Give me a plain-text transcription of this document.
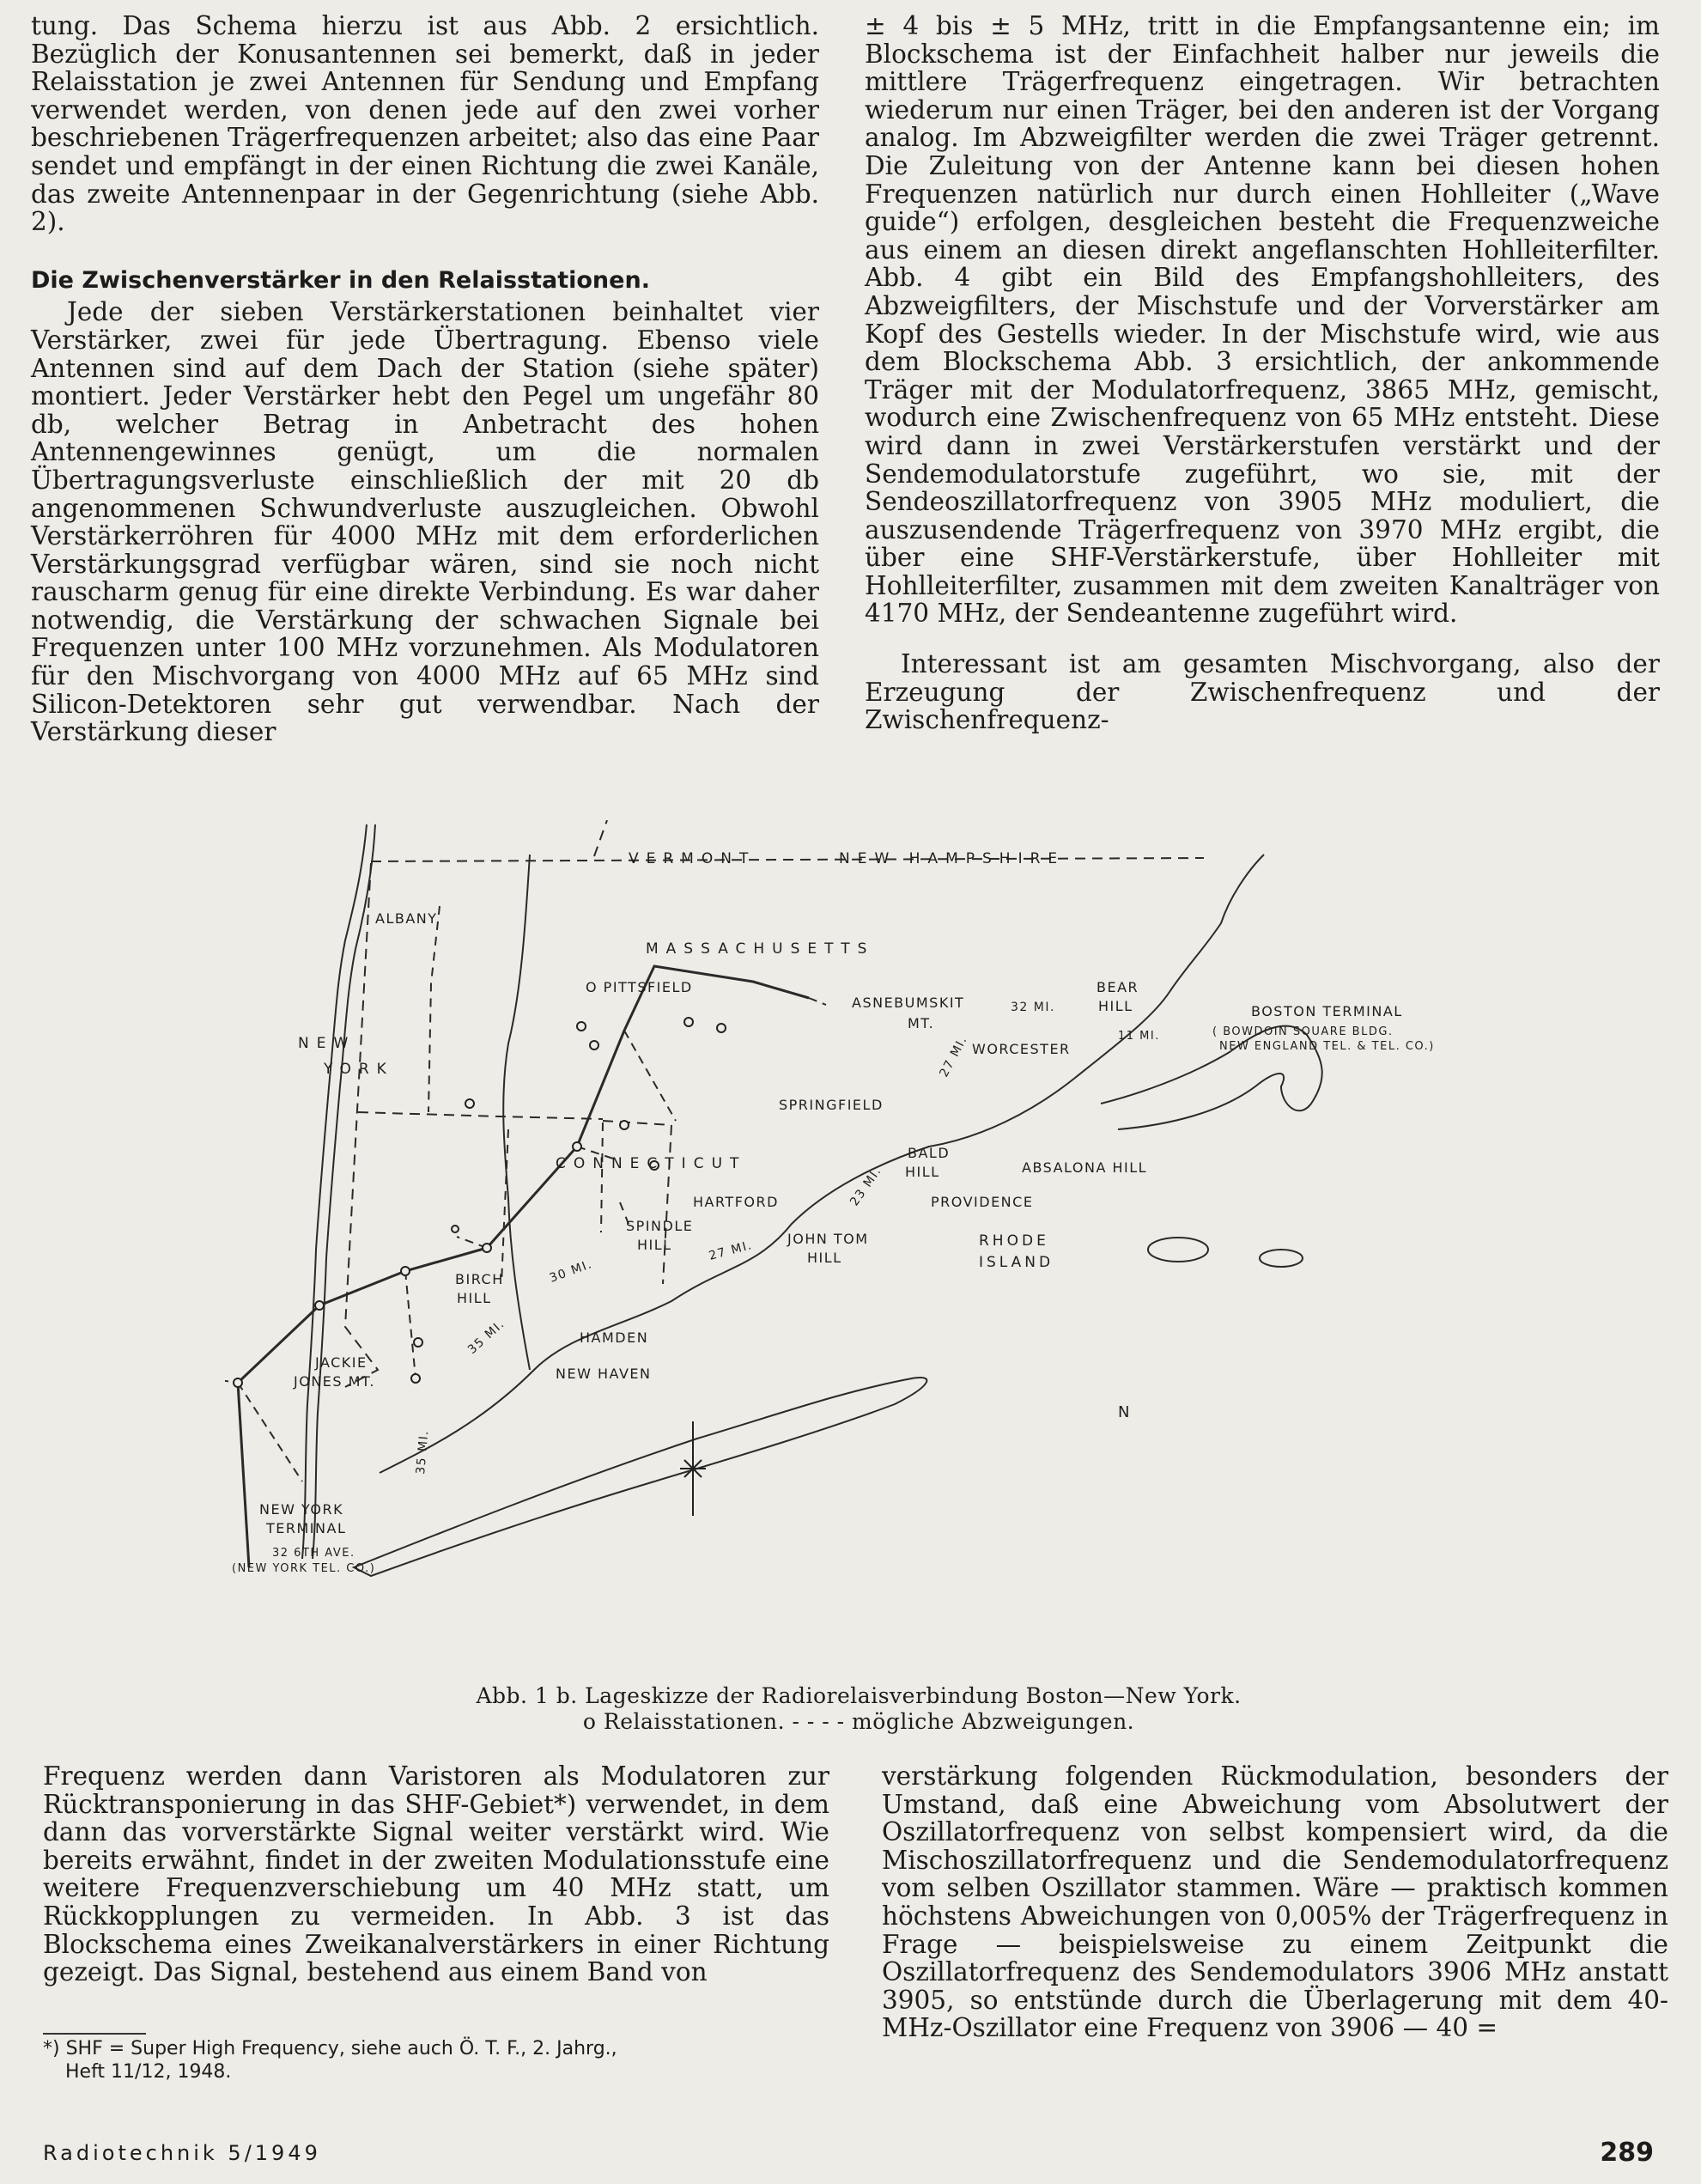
tung. Das Schema hierzu ist aus Abb. 2 ersichtlich. Bezüglich der Konusantennen sei bemerkt, daß in jeder Relaisstation je zwei Antennen für Sendung und Empfang verwendet werden, von denen jede auf den zwei vorher beschriebenen Trägerfrequenzen arbeitet; also das eine Paar sendet und empfängt in der einen Richtung die zwei Kanäle, das zweite Antennenpaar in der Gegenrichtung (siehe Abb. 2).

Die Zwischenverstärker in den Relaisstationen.

Jede der sieben Verstärkerstationen beinhaltet vier Verstärker, zwei für jede Übertragung. Ebenso viele Antennen sind auf dem Dach der Station (siehe später) montiert. Jeder Verstärker hebt den Pegel um ungefähr 80 db, welcher Betrag in Anbetracht des hohen Antennengewinnes genügt, um die normalen Übertragungsverluste einschließlich der mit 20 db angenommenen Schwundverluste auszugleichen. Obwohl Verstärkerröhren für 4000 MHz mit dem erforderlichen Verstärkungsgrad verfügbar wären, sind sie noch nicht rauscharm genug für eine direkte Verbindung. Es war daher notwendig, die Verstärkung der schwachen Signale bei Frequenzen unter 100 MHz vorzunehmen. Als Modulatoren für den Mischvorgang von 4000 MHz auf 65 MHz sind Silicon-Detektoren sehr gut verwendbar. Nach der Verstärkung dieser

± 4 bis ± 5 MHz, tritt in die Empfangsantenne ein; im Blockschema ist der Einfachheit halber nur jeweils die mittlere Trägerfrequenz eingetragen. Wir betrachten wiederum nur einen Träger, bei den anderen ist der Vorgang analog. Im Abzweigfilter werden die zwei Träger getrennt. Die Zuleitung von der Antenne kann bei diesen hohen Frequenzen natürlich nur durch einen Hohlleiter („Wave guide“) erfolgen, desgleichen besteht die Frequenzweiche aus einem an diesen direkt angeflanschten Hohlleiterfilter. Abb. 4 gibt ein Bild des Empfangshohlleiters, des Abzweigfilters, der Mischstufe und der Vorverstärker am Kopf des Gestells wieder. In der Mischstufe wird, wie aus dem Blockschema Abb. 3 ersichtlich, der ankommende Träger mit der Modulatorfrequenz, 3865 MHz, gemischt, wodurch eine Zwischenfrequenz von 65 MHz entsteht. Diese wird dann in zwei Verstärkerstufen verstärkt und der Sendemodulatorstufe zugeführt, wo sie, mit der Sendeoszillatorfrequenz von 3905 MHz moduliert, die auszusendende Trägerfrequenz von 3970 MHz ergibt, die über eine SHF-Verstärkerstufe, über Hohlleiter mit Hohlleiterfilter, zusammen mit dem zweiten Kanalträger von 4170 MHz, der Sendeantenne zugeführt wird.

Interessant ist am gesamten Mischvorgang, also der Erzeugung der Zwischenfrequenz und der Zwischenfrequenz-

VERMONT	NEW HAMPSHIRE
MASSACHUSETTS
NEW
YORK
CONNECTICUT
RHODE
ISLAND
ALBANY
O PITTSFIELD
SPRINGFIELD
WORCESTER
HARTFORD	PROVIDENCE
HAMDEN
NEW HAVEN
ASNEBUMSKIT
MT.
BEAR
HILL
BALD
HILL	ABSALONA HILL
SPINDLE
HILL	JOHN TOM
HILL
BIRCH
HILL
JACKIE
JONES MT.
BOSTON TERMINAL
( BOWDOIN SQUARE BLDG.
NEW ENGLAND TEL. & TEL. CO.)
NEW YORK
TERMINAL
32 6TH AVE.
(NEW YORK TEL. CO.)
32 MI.
11 MI.
27 MI.
23 MI.
27 MI.
30 MI.
35 MI.
35 MI.
N
Abb. 1 b. Lageskizze der Radiorelaisverbindung Boston—New York.
o Relaisstationen. - - - - mögliche Abzweigungen.

Frequenz werden dann Varistoren als Modulatoren zur Rücktransponierung in das SHF-Gebiet*) verwendet, in dem dann das vorverstärkte Signal weiter verstärkt wird. Wie bereits erwähnt, findet in der zweiten Modulationsstufe eine weitere Frequenzverschiebung um 40 MHz statt, um Rückkopplungen zu vermeiden. In Abb. 3 ist das Blockschema eines Zweikanalverstärkers in einer Richtung gezeigt. Das Signal, bestehend aus einem Band von

verstärkung folgenden Rückmodulation, besonders der Umstand, daß eine Abweichung vom Absolutwert der Oszillatorfrequenz von selbst kompensiert wird, da die Mischoszillatorfrequenz und die Sendemodulatorfrequenz vom selben Oszillator stammen. Wäre — praktisch kommen höchstens Abweichungen von 0,005% der Trägerfrequenz in Frage — beispielsweise zu einem Zeitpunkt die Oszillatorfrequenz des Sendemodulators 3906 MHz anstatt 3905, so entstünde durch die Überlagerung mit dem 40-MHz-Oszillator eine Frequenz von 3906 — 40 =

*) SHF = Super High Frequency, siehe auch Ö. T. F., 2. Jahrg.,
Heft 11/12, 1948.
Radiotechnik 5/1949	289
